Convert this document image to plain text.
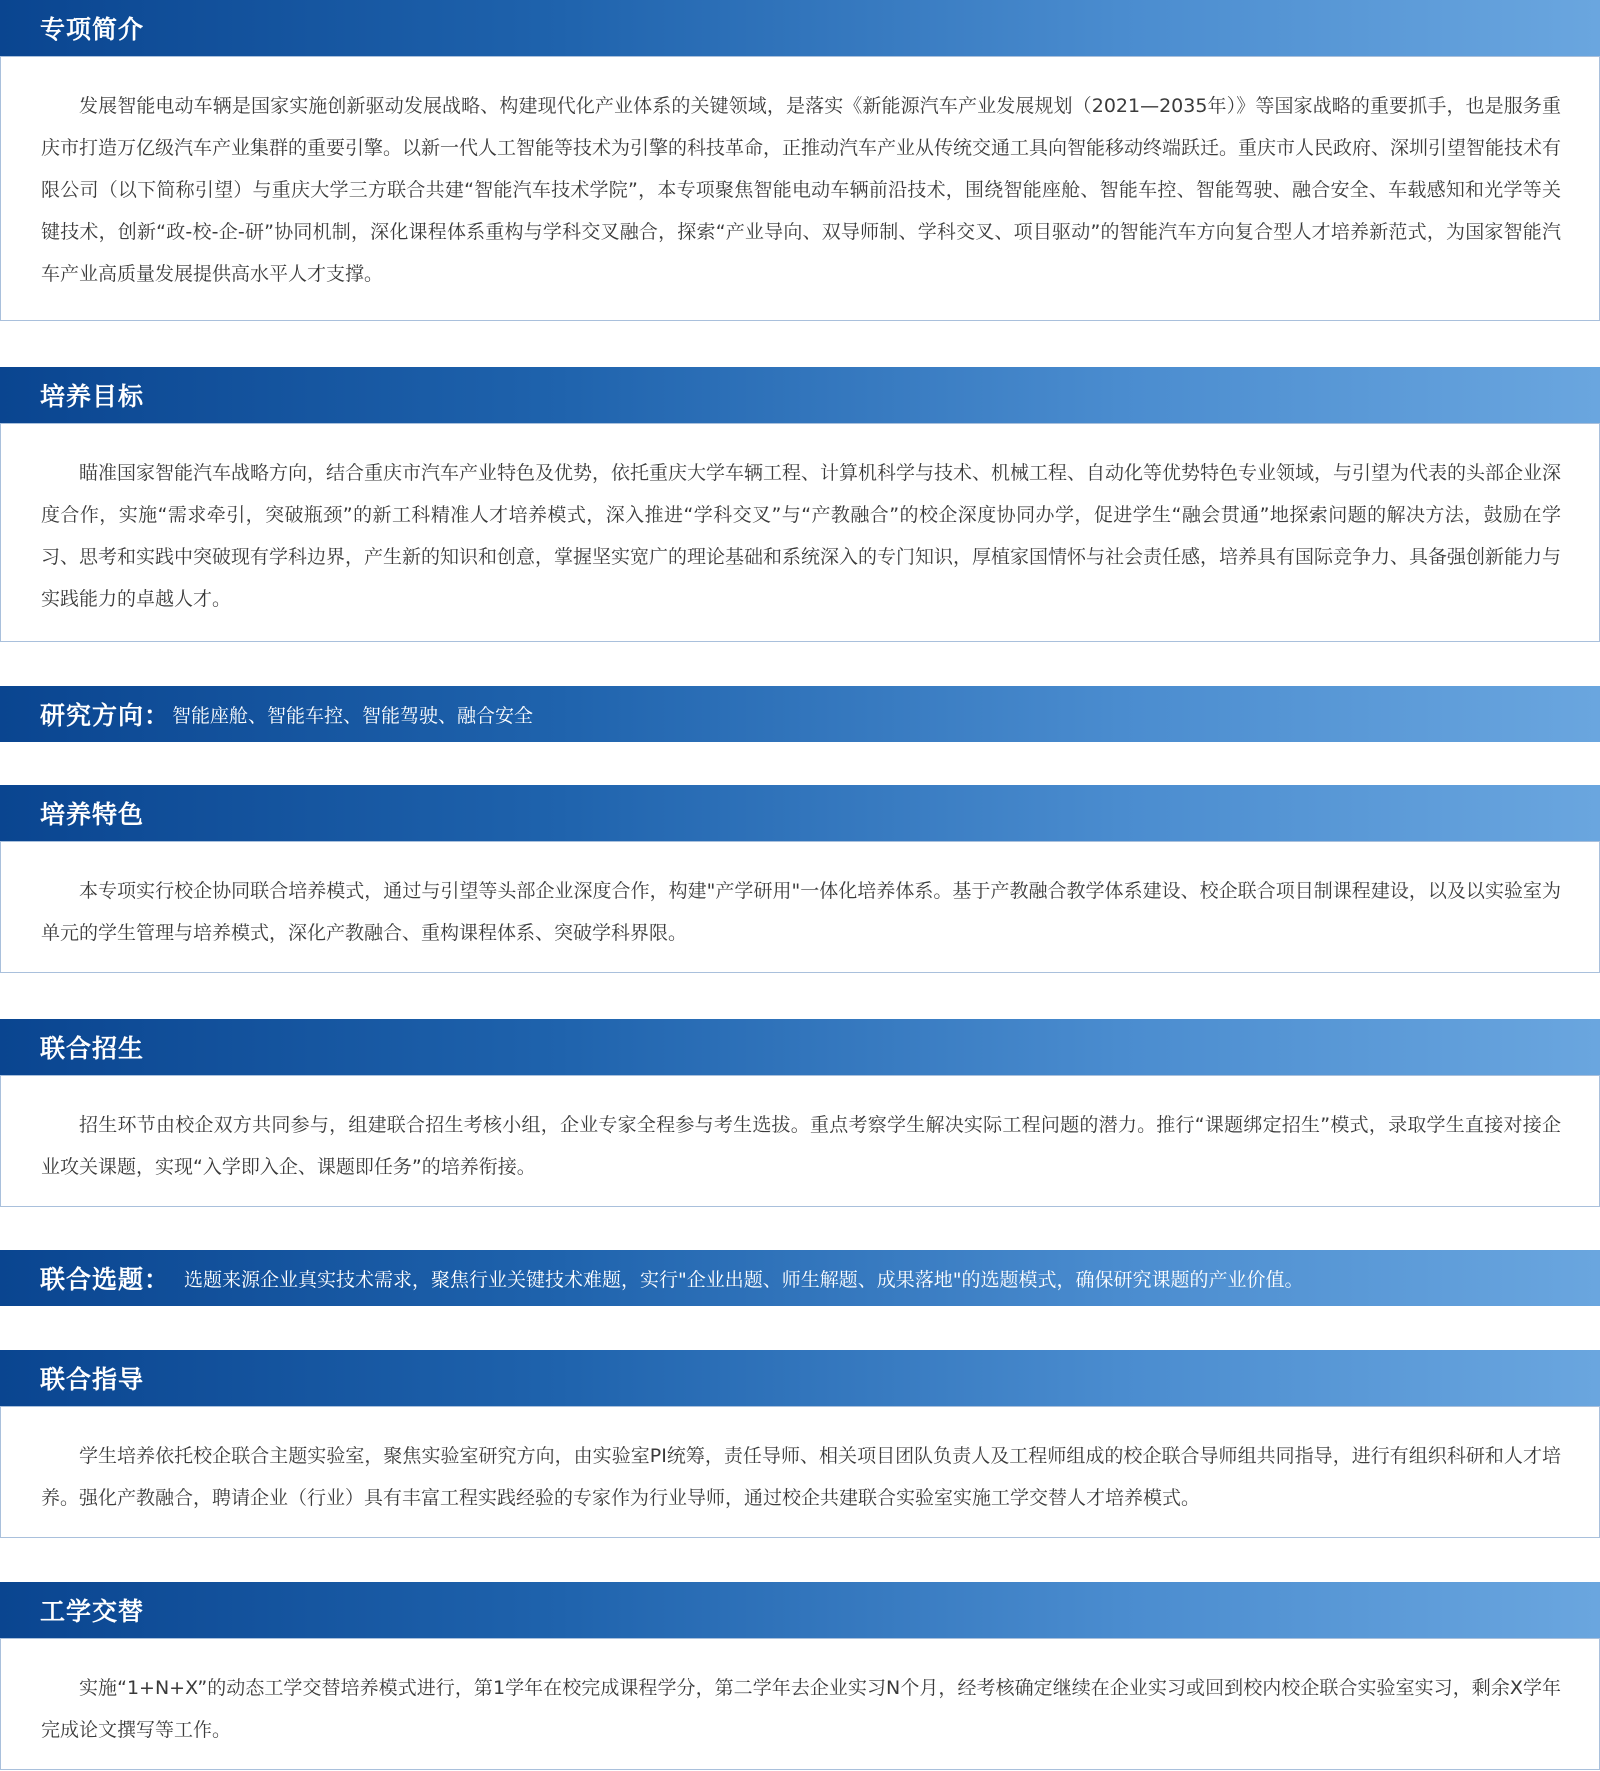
专项简介

发展智能电动车辆是国家实施创新驱动发展战略、构建现代化产业体系的关键领域，是落实《新能源汽车产业发展规划（2021—2035年）》等国家战略的重要抓手，也是服务重庆市打造万亿级汽车产业集群的重要引擎。以新一代人工智能等技术为引擎的科技革命，正推动汽车产业从传统交通工具向智能移动终端跃迁。重庆市人民政府、深圳引望智能技术有限公司（以下简称引望）与重庆大学三方联合共建“智能汽车技术学院”，本专项聚焦智能电动车辆前沿技术，围绕智能座舱、智能车控、智能驾驶、融合安全、车载感知和光学等关键技术，创新“政-校-企-研”协同机制，深化课程体系重构与学科交叉融合，探索“产业导向、双导师制、学科交叉、项目驱动”的智能汽车方向复合型人才培养新范式，为国家智能汽车产业高质量发展提供高水平人才支撑。

培养目标

瞄准国家智能汽车战略方向，结合重庆市汽车产业特色及优势，依托重庆大学车辆工程、计算机科学与技术、机械工程、自动化等优势特色专业领域，与引望为代表的头部企业深度合作，实施“需求牵引，突破瓶颈”的新工科精准人才培养模式，深入推进“学科交叉”与“产教融合”的校企深度协同办学，促进学生“融会贯通”地探索问题的解决方法，鼓励在学习、思考和实践中突破现有学科边界，产生新的知识和创意，掌握坚实宽广的理论基础和系统深入的专门知识，厚植家国情怀与社会责任感，培养具有国际竞争力、具备强创新能力与实践能力的卓越人才。

研究方向： 智能座舱、智能车控、智能驾驶、融合安全
培养特色

本专项实行校企协同联合培养模式，通过与引望等头部企业深度合作，构建"产学研用"一体化培养体系。基于产教融合教学体系建设、校企联合项目制课程建设，以及以实验室为单元的学生管理与培养模式，深化产教融合、重构课程体系、突破学科界限。

联合招生

招生环节由校企双方共同参与，组建联合招生考核小组，企业专家全程参与考生选拔。重点考察学生解决实际工程问题的潜力。推行“课题绑定招生”模式，录取学生直接对接企业攻关课题，实现“入学即入企、课题即任务”的培养衔接。

联合选题： 选题来源企业真实技术需求，聚焦行业关键技术难题，实行"企业出题、师生解题、成果落地"的选题模式，确保研究课题的产业价值。
联合指导

学生培养依托校企联合主题实验室，聚焦实验室研究方向，由实验室PI统筹，责任导师、相关项目团队负责人及工程师组成的校企联合导师组共同指导，进行有组织科研和人才培养。强化产教融合，聘请企业（行业）具有丰富工程实践经验的专家作为行业导师，通过校企共建联合实验室实施工学交替人才培养模式。

工学交替

实施“1+N+X”的动态工学交替培养模式进行，第1学年在校完成课程学分，第二学年去企业实习N个月，经考核确定继续在企业实习或回到校内校企联合实验室实习，剩余X学年完成论文撰写等工作。
